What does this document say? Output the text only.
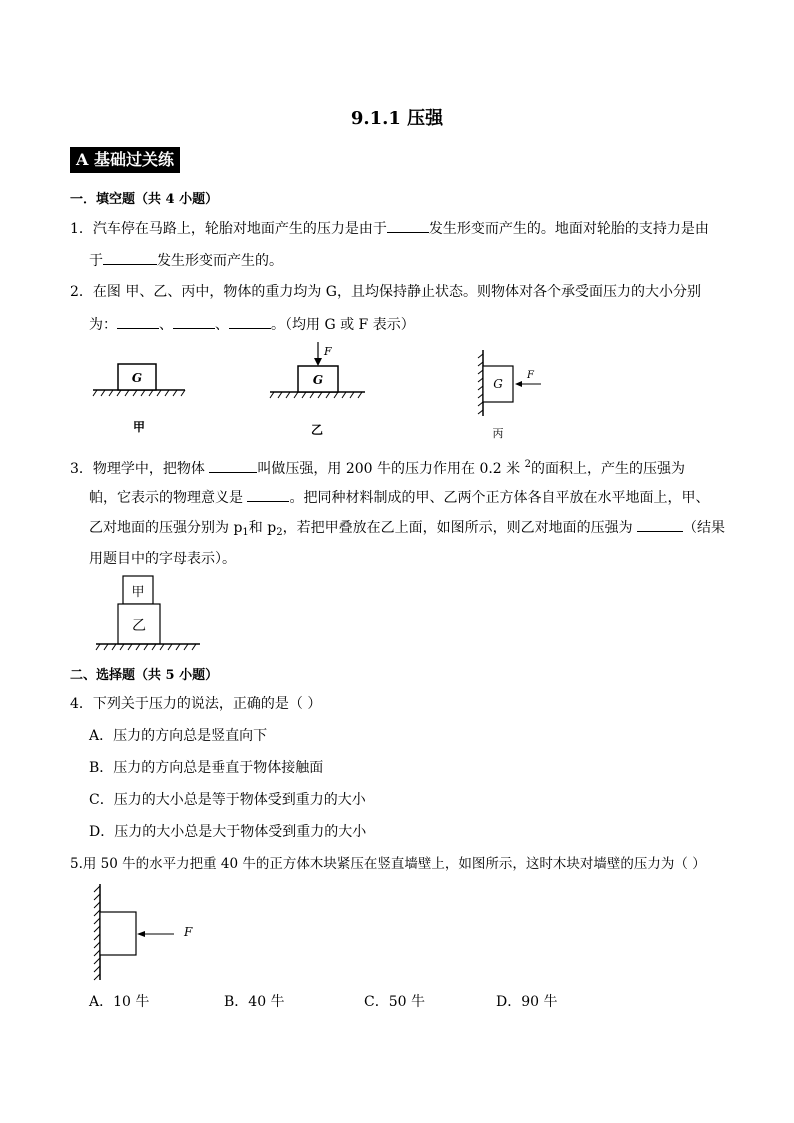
9.1.1 压强
A 基础过关练
一．填空题（共 4 小题）
1．汽车停在马路上，轮胎对地面产生的压力是由于	发生形变而产生的。地面对轮胎的支持力是由
于	发生形变而产生的。
2．在图 甲、乙、丙中，物体的重力均为 G，且均保持静止状态。则物体对各个承受面压力的大小分别
为：	、	、	。（均用 G 或 F 表示）
G
甲
G
F
乙
G
F
丙
3．物理学中，把物体	叫做压强，用 200 牛的压力作用在 0.2 米 $^2$的面积上，产生的压强为
帕，它表示的物理意义是	。把同种材料制成的甲、乙两个正方体各自平放在水平地面上，甲、
乙对地面的压强分别为 $p_1$和 $p_2$，若把甲叠放在乙上面，如图所示，则乙对地面的压强为	（结果
用题目中的字母表示）。
甲
乙
二、选择题（共 5 小题）
4．下列关于压力的说法，正确的是（ ）
A．压力的方向总是竖直向下
B．压力的方向总是垂直于物体接触面
C．压力的大小总是等于物体受到重力的大小
D．压力的大小总是大于物体受到重力的大小
5.用 50 牛的水平力把重 40 牛的正方体木块紧压在竖直墙壁上，如图所示，这时木块对墙壁的压力为（ ）
F
A．10 牛	B．40 牛	C．50 牛	D．90 牛
